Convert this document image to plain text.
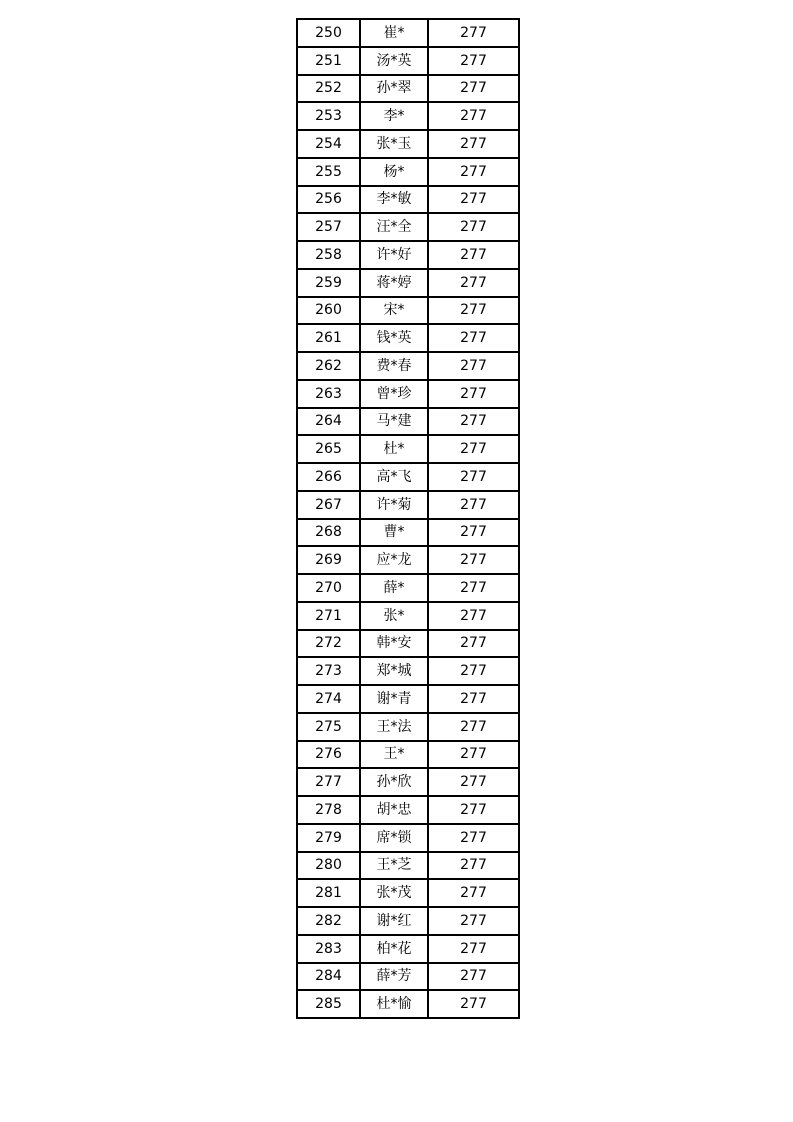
250	崔*	277
251	汤*英	277
252	孙*翠	277
253	李*	277
254	张*玉	277
255	杨*	277
256	李*敏	277
257	汪*全	277
258	许*好	277
259	蒋*婷	277
260	宋*	277
261	钱*英	277
262	费*春	277
263	曾*珍	277
264	马*建	277
265	杜*	277
266	高*飞	277
267	许*菊	277
268	曹*	277
269	应*龙	277
270	薛*	277
271	张*	277
272	韩*安	277
273	郑*城	277
274	谢*青	277
275	王*法	277
276	王*	277
277	孙*欣	277
278	胡*忠	277
279	席*锁	277
280	王*芝	277
281	张*茂	277
282	谢*红	277
283	柏*花	277
284	薛*芳	277
285	杜*愉	277
